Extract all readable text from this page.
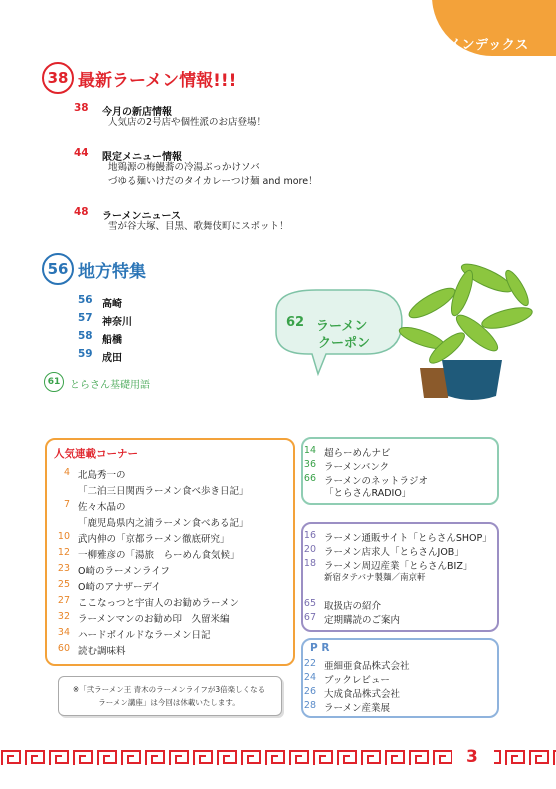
インデックス
38 最新ラーメン情報!!!
38 今月の新店情報
人気店の2号店や個性派のお店登場！
44 限定メニュー情報
地鶏源の梅鰻蕎の冷湯ぶっかけソバ
づゆる麺いけだのタイカレーつけ麺 and more！
48 ラーメンニュース
雪が谷大塚、目黒、歌舞伎町にスポット！
56 地方特集
56 高崎
57 神奈川
58 船橋
59 成田
61 とらさん基礎用語
62 ラーメン
クーポン
人気連載コーナー
4 北島秀一の
「二泊三日関西ラーメン食べ歩き日記」
7 佐々木晶の
「鹿児島県内之浦ラーメン食べある記」
10 武内伸の「京都ラーメン徹底研究」
12 一柳雅彦の「湯旅　らーめん食気候」
23 O崎のラーメンライフ
25 O崎のアナザーデイ
27 ここなっつと宇宙人のお勧めラーメン
32 ラーメンマンのお勧め印　久留米編
34 ハードボイルドなラーメン日記
60 読む調味料
※「弐ラーメン王 青木のラーメンライフが3倍楽しくなる
ラーメン講座」は今回は休載いたします。
14 超らーめんナビ
36 ラーメンバンク
66 ラーメンのネットラジオ
「とらさんRADIO」
16 ラーメン通販サイト「とらさんSHOP」
20 ラーメン店求人「とらさんJOB」
18 ラーメン周辺産業「とらさんBIZ」
新宿タテバナ製麺／南京軒
65 取扱店の紹介
67 定期購読のご案内
P R
22 亜細亜食品株式会社
24 ブックレビュー
26 大成食品株式会社
28 ラーメン産業展
3
